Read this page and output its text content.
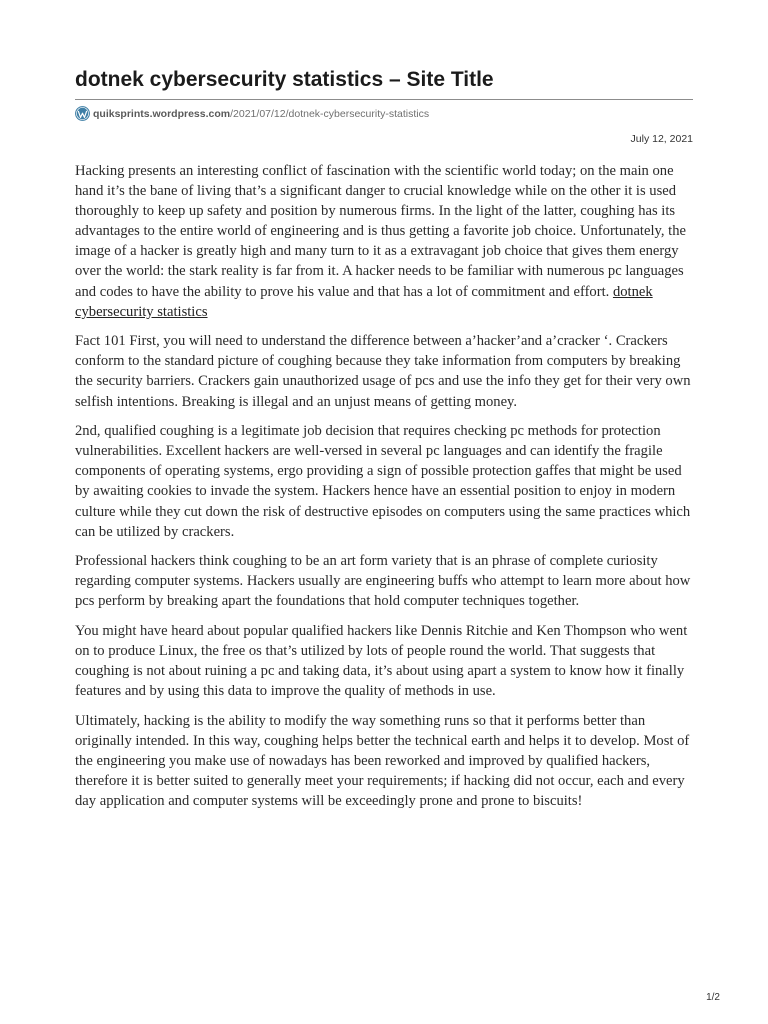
dotnek cybersecurity statistics – Site Title
quiksprints.wordpress.com /2021/07/12/dotnek-cybersecurity-statistics
July 12, 2021

Hacking presents an interesting conflict of fascination with the scientific world today; on the main one hand it’s the bane of living that’s a significant danger to crucial knowledge while on the other it is used thoroughly to keep up safety and position by numerous firms. In the light of the latter, coughing has its advantages to the entire world of engineering and is thus getting a favorite job choice. Unfortunately, the image of a hacker is greatly high and many turn to it as a extravagant job choice that gives them energy over the world: the stark reality is far from it. A hacker needs to be familiar with numerous pc languages and codes to have the ability to prove his value and that has a lot of commitment and effort. dotnek cybersecurity statistics

Fact 101 First, you will need to understand the difference between a’hacker’and a’cracker ‘. Crackers conform to the standard picture of coughing because they take information from computers by breaking the security barriers. Crackers gain unauthorized usage of pcs and use the info they get for their very own selfish intentions. Breaking is illegal and an unjust means of getting money.

2nd, qualified coughing is a legitimate job decision that requires checking pc methods for protection vulnerabilities. Excellent hackers are well-versed in several pc languages and can identify the fragile components of operating systems, ergo providing a sign of possible protection gaffes that might be used by awaiting cookies to invade the system. Hackers hence have an essential position to enjoy in modern culture while they cut down the risk of destructive episodes on computers using the same practices which can be utilized by crackers.

Professional hackers think coughing to be an art form variety that is an phrase of complete curiosity regarding computer systems. Hackers usually are engineering buffs who attempt to learn more about how pcs perform by breaking apart the foundations that hold computer techniques together.

You might have heard about popular qualified hackers like Dennis Ritchie and Ken Thompson who went on to produce Linux, the free os that’s utilized by lots of people round the world. That suggests that coughing is not about ruining a pc and taking data, it’s about using apart a system to know how it finally features and by using this data to improve the quality of methods in use.

Ultimately, hacking is the ability to modify the way something runs so that it performs better than originally intended. In this way, coughing helps better the technical earth and helps it to develop. Most of the engineering you make use of nowadays has been reworked and improved by qualified hackers, therefore it is better suited to generally meet your requirements; if hacking did not occur, each and every day application and computer systems will be exceedingly prone and prone to biscuits!

1/2
